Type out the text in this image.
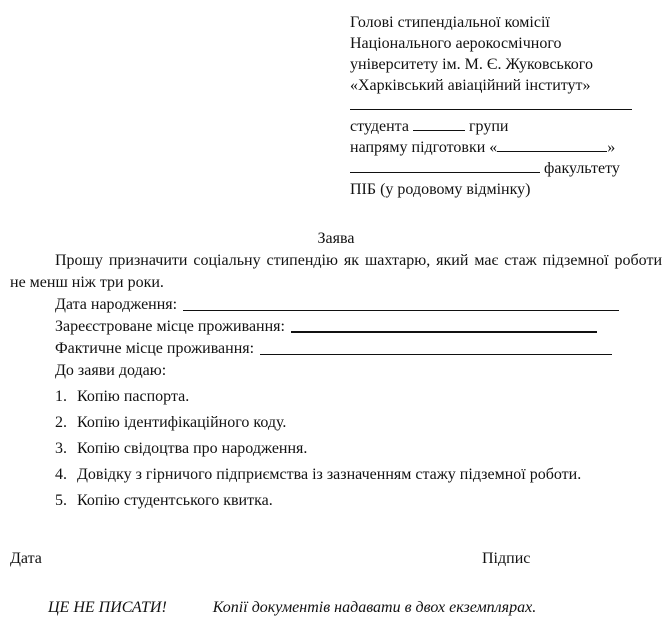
Голові стипендіальної комісії
Національного аерокосмічного
університету ім. М. Є. Жуковського
«Харківський авіаційний інститут»
студента	групи
напряму підготовки «	»
факультету
ПІБ (у родовому відмінку)
Заява

Прошу призначити соціальну стипендію як шахтарю, який має стаж підземної роботи не менш ніж три роки.

Дата народження:
Зареєстроване місце проживання:
Фактичне місце проживання:
До заяви додаю:
1. Копію паспорта.
2. Копію ідентифікаційного коду.
3. Копію свідоцтва про народження.
4. Довідку з гірничого підприємства із зазначенням стажу підземної роботи.
5. Копію студентського квитка.
Дата	Підпис
ЦЕ НЕ ПИСАТИ!	Копії документів надавати в двох екземплярах.
